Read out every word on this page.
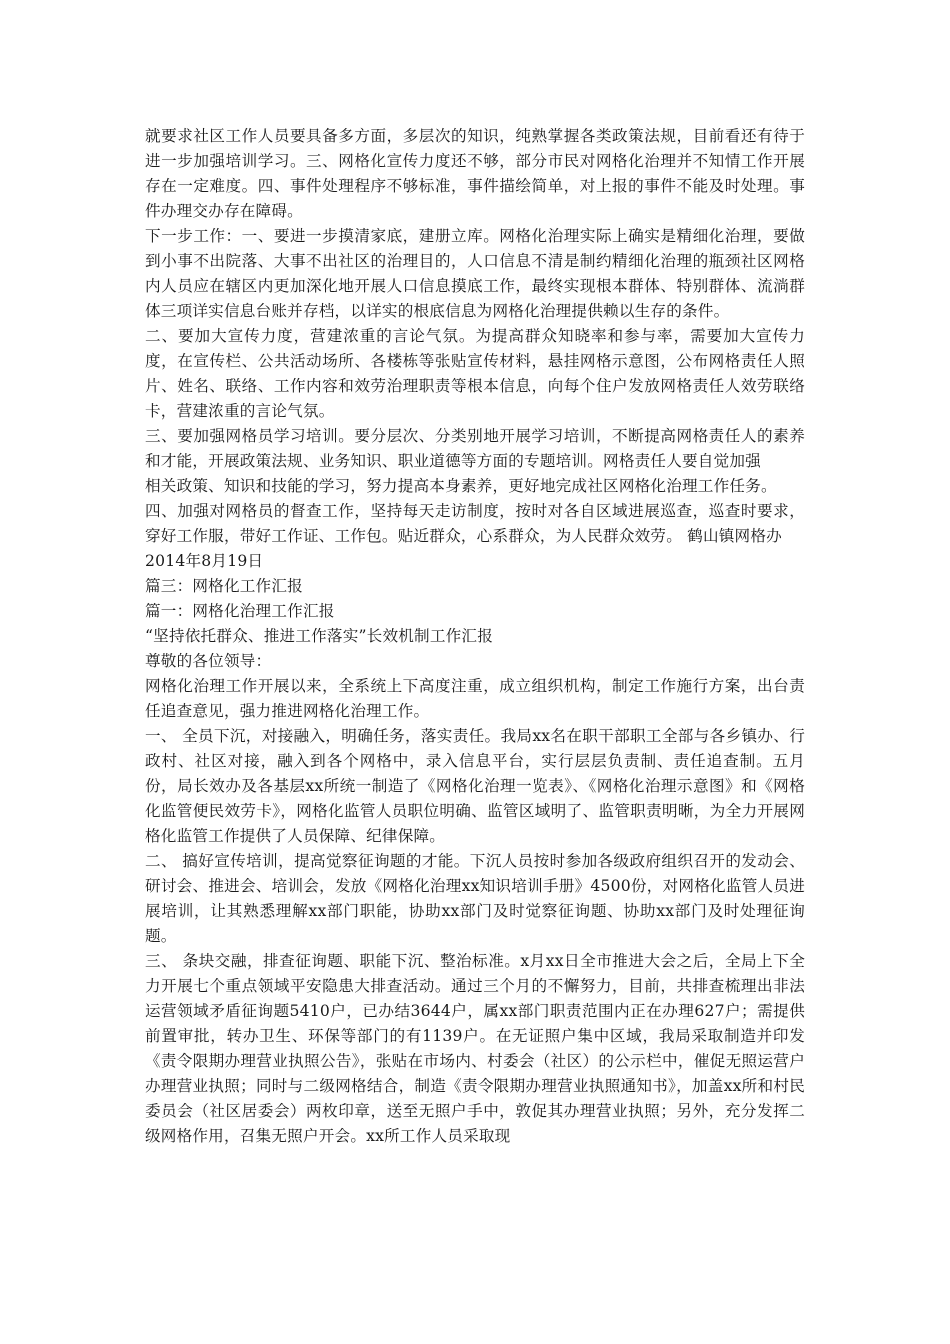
就要求社区工作人员要具备多方面，多层次的知识，纯熟掌握各类政策法规，目前看还有待于进一步加强培训学习。三、网格化宣传力度还不够，部分市民对网格化治理并不知情工作开展存在一定难度。四、事件处理程序不够标准，事件描绘简单，对上报的事件不能及时处理。事件办理交办存在障碍。

下一步工作：一、要进一步摸清家底，建册立库。网格化治理实际上确实是精细化治理，要做到小事不出院落、大事不出社区的治理目的，人口信息不清是制约精细化治理的瓶颈社区网格内人员应在辖区内更加深化地开展人口信息摸底工作，最终实现根本群体、特别群体、流淌群体三项详实信息台账并存档，以详实的根底信息为网格化治理提供赖以生存的条件。

二、要加大宣传力度，营建浓重的言论气氛。为提高群众知晓率和参与率，需要加大宣传力度，在宣传栏、公共活动场所、各楼栋等张贴宣传材料，悬挂网格示意图，公布网格责任人照片、姓名、联络、工作内容和效劳治理职责等根本信息，向每个住户发放网格责任人效劳联络卡，营建浓重的言论气氛。

三、要加强网格员学习培训。要分层次、分类别地开展学习培训，不断提高网格责任人的素养和才能，开展政策法规、业务知识、职业道德等方面的专题培训。网格责任人要自觉加强

相关政策、知识和技能的学习，努力提高本身素养，更好地完成社区网格化治理工作任务。

四、加强对网格员的督查工作，坚持每天走访制度，按时对各自区域进展巡查，巡查时要求，穿好工作服，带好工作证、工作包。贴近群众，心系群众，为人民群众效劳。 鹤山镇网格办

2014年8月19日

篇三：网格化工作汇报

篇一：网格化治理工作汇报

“坚持依托群众、推进工作落实”长效机制工作汇报

尊敬的各位领导：

网格化治理工作开展以来，全系统上下高度注重，成立组织机构，制定工作施行方案，出台责任追查意见，强力推进网格化治理工作。

一、 全员下沉，对接融入，明确任务，落实责任。我局xx名在职干部职工全部与各乡镇办、行政村、社区对接，融入到各个网格中，录入信息平台，实行层层负责制、责任追查制。五月份，局长效办及各基层xx所统一制造了《网格化治理一览表》、《网格化治理示意图》和《网格化监管便民效劳卡》，网格化监管人员职位明确、监管区域明了、监管职责明晰，为全力开展网格化监管工作提供了人员保障、纪律保障。

二、 搞好宣传培训，提高觉察征询题的才能。下沉人员按时参加各级政府组织召开的发动会、研讨会、推进会、培训会，发放《网格化治理xx知识培训手册》4500份，对网格化监管人员进展培训，让其熟悉理解xx部门职能，协助xx部门及时觉察征询题、协助xx部门及时处理征询题。

三、 条块交融，排查征询题、职能下沉、整治标准。x月xx日全市推进大会之后，全局上下全力开展七个重点领域平安隐患大排查活动。通过三个月的不懈努力，目前，共排查梳理出非法运营领域矛盾征询题5410户，已办结3644户，属xx部门职责范围内正在办理627户；需提供前置审批，转办卫生、环保等部门的有1139户。在无证照户集中区域，我局采取制造并印发《责令限期办理营业执照公告》，张贴在市场内、村委会（社区）的公示栏中，催促无照运营户办理营业执照；同时与二级网格结合，制造《责令限期办理营业执照通知书》，加盖xx所和村民委员会（社区居委会）两枚印章，送至无照户手中，敦促其办理营业执照；另外，充分发挥二级网格作用，召集无照户开会。xx所工作人员采取现
